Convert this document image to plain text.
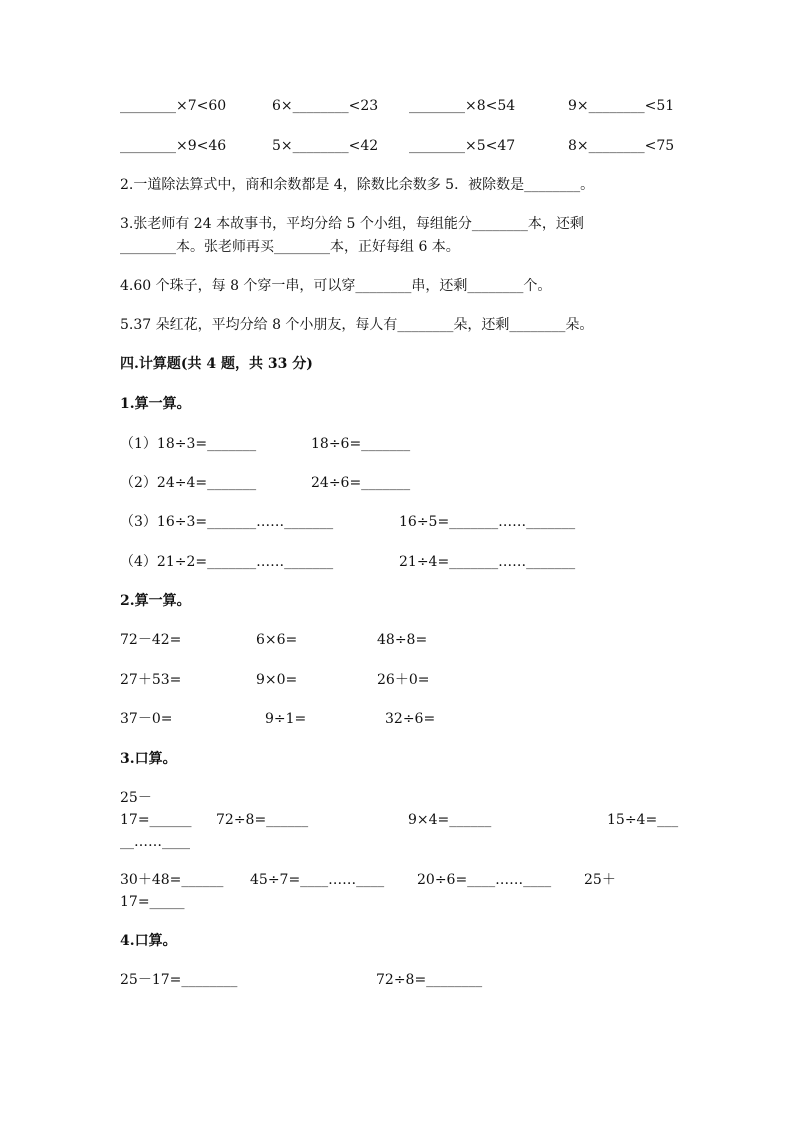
________×7<60	6×________<23 ________×8<54	9×________<51
________×9<46	5×________<42 ________×5<47	8×________<75
2.一道除法算式中，商和余数都是 4，除数比余数多 5．被除数是________。
3.张老师有 24 本故事书，平均分给 5 个小组，每组能分________本，还剩
________本。张老师再买________本，正好每组 6 本。
4.60 个珠子，每 8 个穿一串，可以穿________串，还剩________个。
5.37 朵红花，平均分给 8 个小朋友，每人有________朵，还剩________朵。
四.计算题(共 4 题，共 33 分)
1.算一算。
（1）18÷3=_______	18÷6=_______
（2）24÷4=_______	24÷6=_______
（3）16÷3=_______……_______	16÷5=_______……_______
（4）21÷2=_______……_______	21÷4=_______……_______
2.算一算。
72－42=	6×6=	48÷8=
27＋53=	9×0=	26＋0=
37－0=	9÷1=	32÷6=
3.口算。
25－
17=______ 72÷8=______	9×4=______	15÷4=___
__……____
30＋48=______ 45÷7=____……____ 20÷6=____……____ 25＋
17=_____
4.口算。
25－17=________	72÷8=________
